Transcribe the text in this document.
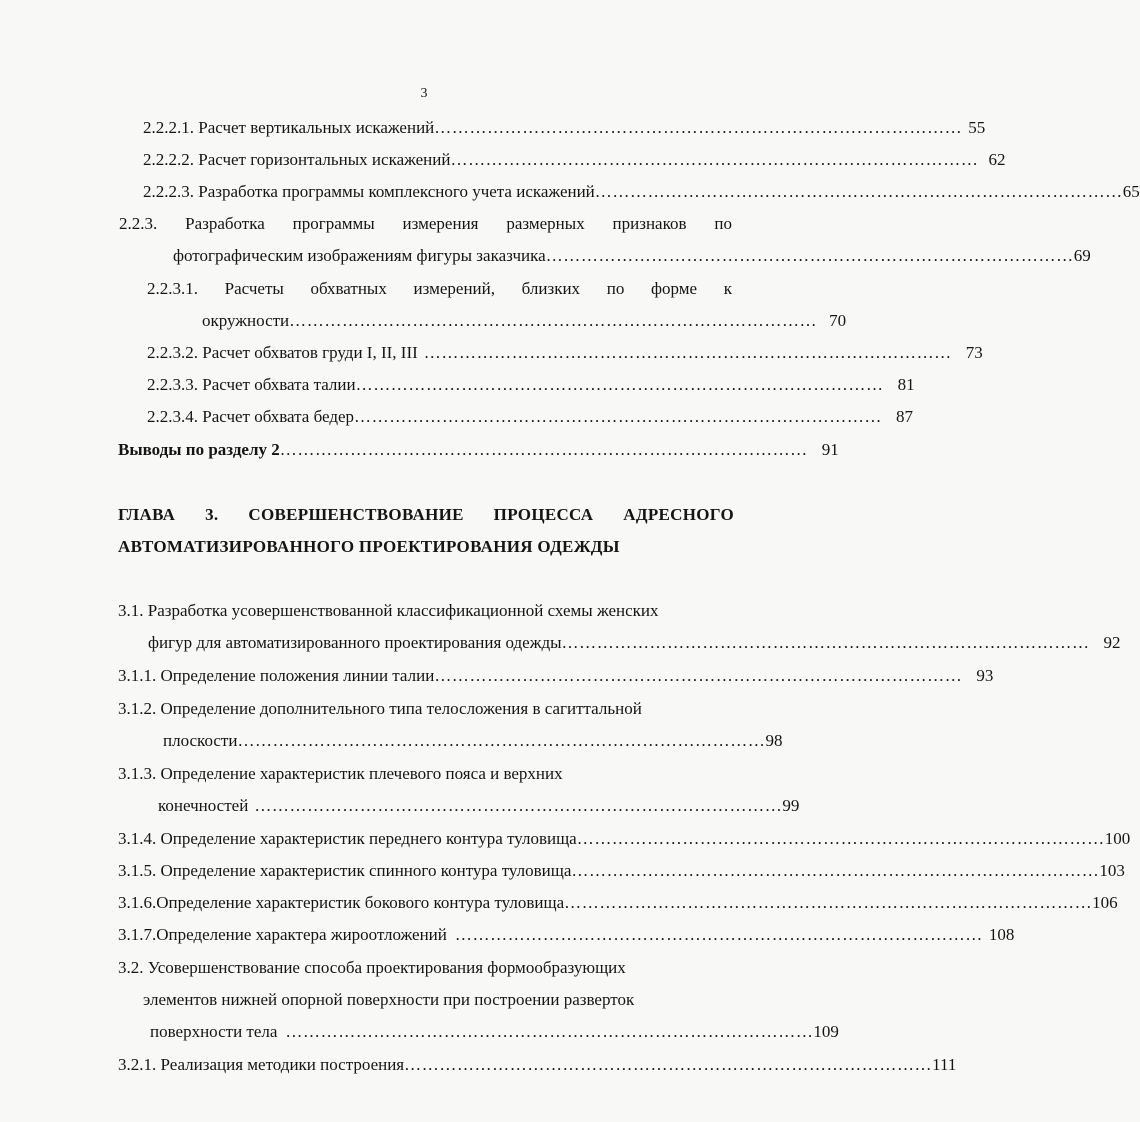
3
2.2.2.1. Расчет вертикальных искажений ……………………………………………………………………………… 55
2.2.2.2. Расчет горизонтальных искажений ……………………………………………………………………………… 62
2.2.2.3. Разработка программы комплексного учета искажений ……………………………………………………………………………… 65
2.2.3. Разработка программы измерения размерных признаков по
фотографическим изображениям фигуры заказчика ……………………………………………………………………………… 69
2.2.3.1. Расчеты обхватных измерений, близких по форме к
окружности ……………………………………………………………………………… 70
2.2.3.2. Расчет обхватов груди I, II, III ……………………………………………………………………………… 73
2.2.3.3. Расчет обхвата талии ……………………………………………………………………………… 81
2.2.3.4. Расчет обхвата бедер ……………………………………………………………………………… 87
Выводы по разделу 2 ……………………………………………………………………………… 91
ГЛАВА 3. СОВЕРШЕНСТВОВАНИЕ ПРОЦЕССА АДРЕСНОГО
АВТОМАТИЗИРОВАННОГО ПРОЕКТИРОВАНИЯ ОДЕЖДЫ
3.1. Разработка усовершенствованной классификационной схемы женских
фигур для автоматизированного проектирования одежды ……………………………………………………………………………… 92
3.1.1. Определение положения линии талии ……………………………………………………………………………… 93
3.1.2. Определение дополнительного типа телосложения в сагиттальной
плоскости ……………………………………………………………………………… 98
3.1.3. Определение характеристик плечевого пояса и верхних
конечностей ……………………………………………………………………………… 99
3.1.4. Определение характеристик переднего контура туловища ……………………………………………………………………………… 100
3.1.5. Определение характеристик спинного контура туловища ……………………………………………………………………………… 103
3.1.6.Определение характеристик бокового контура туловища ……………………………………………………………………………… 106
3.1.7.Определение характера жироотложений ……………………………………………………………………………… 108
3.2. Усовершенствование способа проектирования формообразующих
элементов нижней опорной поверхности при построении разверток
поверхности тела ……………………………………………………………………………… 109
3.2.1. Реализация методики построения ……………………………………………………………………………… 111
